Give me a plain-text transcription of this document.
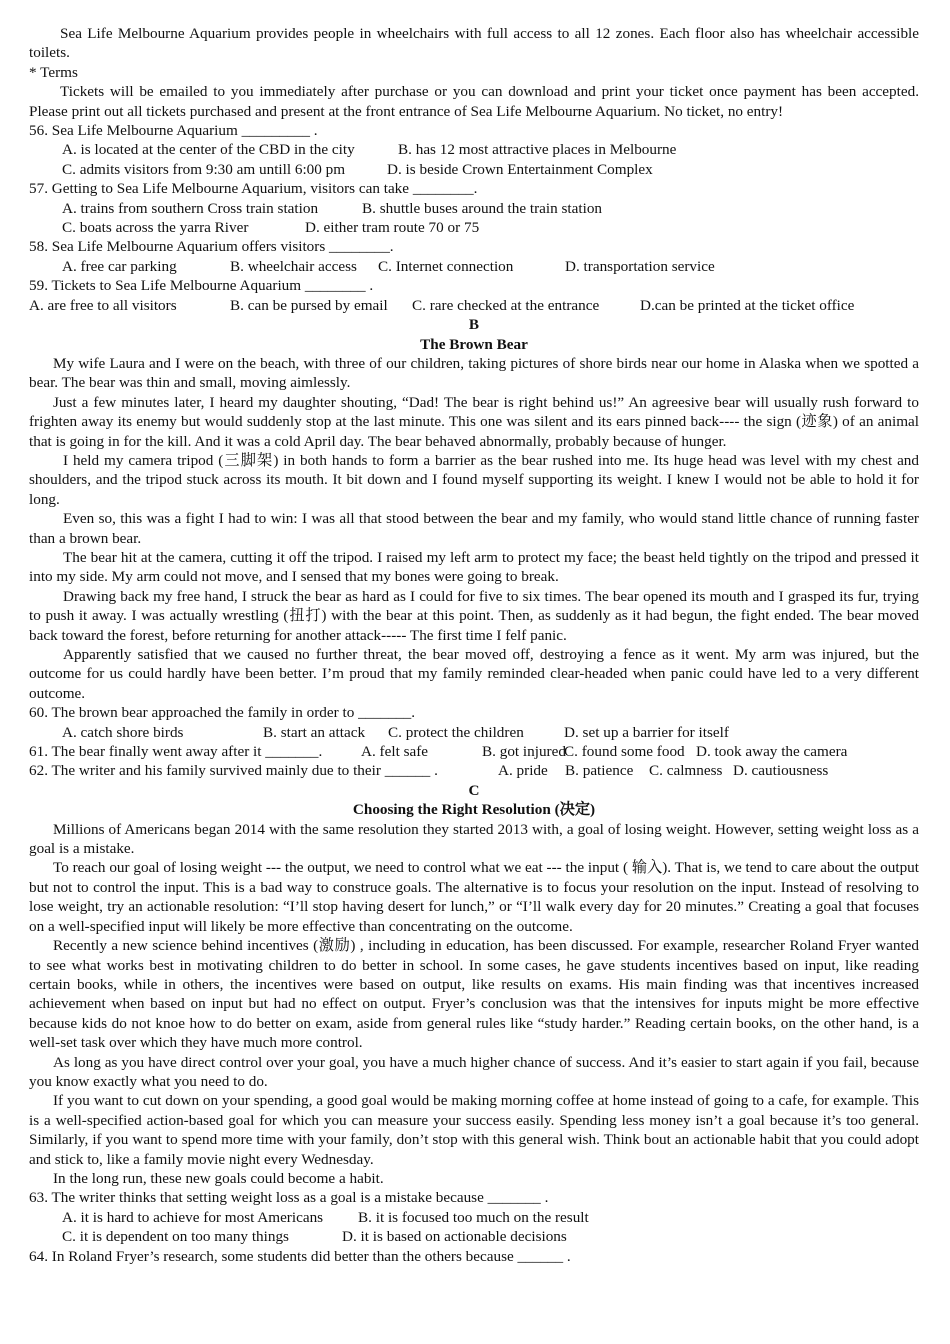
Sea Life Melbourne Aquarium provides people in wheelchairs with full access to all 12 zones. Each floor also has wheelchair accessible toilets.

* Terms

Tickets will be emailed to you immediately after purchase or you can download and print your ticket once payment has been accepted. Please print out all tickets purchased and present at the front entrance of Sea Life Melbourne Aquarium. No ticket, no entry!

56. Sea Life Melbourne Aquarium _________ .

A. is located at the center of the CBD in the city	B. has 12 most attractive places in Melbourne
C. admits visitors from 9:30 am untill 6:00 pm	D. is beside Crown Entertainment Complex

57. Getting to Sea Life Melbourne Aquarium, visitors can take ________.

A. trains from southern Cross train station	B. shuttle buses around the train station
C. boats across the yarra River	D. either tram route 70 or 75

58. Sea Life Melbourne Aquarium offers visitors ________.

A. free car parking	B. wheelchair access	C. Internet connection	D. transportation service

59. Tickets to Sea Life Melbourne Aquarium ________ .

A. are free to all visitors	B. can be pursed by email	C. rare checked at the entrance	D.can be printed at the ticket office

B

The Brown Bear

My wife Laura and I were on the beach, with three of our children, taking pictures of shore birds near our home in Alaska when we spotted a bear. The bear was thin and small, moving aimlessly.

Just a few minutes later, I heard my daughter shouting, “Dad! The bear is right behind us!” An agreesive bear will usually rush forward to frighten away its enemy but would suddenly stop at the last minute. This one was silent and its ears pinned back---- the sign (迹象) of an animal that is going in for the kill. And it was a cold April day. The bear behaved abnormally, probably because of hunger.

I held my camera tripod (三脚架) in both hands to form a barrier as the bear rushed into me. Its huge head was level with my chest and shoulders, and the tripod stuck across its mouth. It bit down and I found myself supporting its weight. I knew I would not be able to hold it for long.

Even so, this was a fight I had to win: I was all that stood between the bear and my family, who would stand little chance of running faster than a brown bear.

The bear hit at the camera, cutting it off the tripod. I raised my left arm to protect my face; the beast held tightly on the tripod and pressed it into my side. My arm could not move, and I sensed that my bones were going to break.

Drawing back my free hand, I struck the bear as hard as I could for five to six times. The bear opened its mouth and I grasped its fur, trying to push it away. I was actually wrestling (扭打) with the bear at this point. Then, as suddenly as it had begun, the fight ended. The bear moved back toward the forest, before returning for another attack----- The first time I felf panic.

Apparently satisfied that we caused no further threat, the bear moved off, destroying a fence as it went. My arm was injured, but the outcome for us could hardly have been better. I’m proud that my family reminded clear-headed when panic could have led to a very different outcome.

60. The brown bear approached the family in order to _______.

A. catch shore birds	B. start an attack	C. protect the children	D. set up a barrier for itself
61. The bear finally went away after it _______.	A. felt safe	B. got injured
C. found some food D. took away the camera
62. The writer and his family survived mainly due to their ______ .	A. pride	B. patience	C. calmness D. cautiousness

C

Choosing the Right Resolution (决定)

Millions of Americans began 2014 with the same resolution they started 2013 with, a goal of losing weight. However, setting weight loss as a goal is a mistake.

To reach our goal of losing weight --- the output, we need to control what we eat --- the input ( 输入). That is, we tend to care about the output but not to control the input. This is a bad way to construce goals. The alternative is to focus your resolution on the input. Instead of resolving to lose weight, try an actionable resolution: “I’ll stop having desert for lunch,” or “I’ll walk every day for 20 minutes.” Creating a goal that focuses on a well-specified input will likely be more effective than concentrating on the outcome.

Recently a new science behind incentives (激励) , including in education, has been discussed. For example, researcher Roland Fryer wanted to see what works best in motivating children to do better in school. In some cases, he gave students incentives based on input, like reading certain books, while in others, the incentives were based on output, like results on exams. His main finding was that incentives increased achievement when based on input but had no effect on output. Fryer’s conclusion was that the intensives for inputs might be more effective because kids do not knoe how to do better on exam, aside from general rules like “study harder.” Reading certain books, on the other hand, is a well-set task over which they have much more control.

As long as you have direct control over your goal, you have a much higher chance of success. And it’s easier to start again if you fail, because you know exactly what you need to do.

If you want to cut down on your spending, a good goal would be making morning coffee at home instead of going to a cafe, for example. This is a well-specified action-based goal for which you can measure your success easily. Spending less money isn’t a goal because it’s too general. Similarly, if you want to spend more time with your family, don’t stop with this general wish. Think bout an actionable habit that you could adopt and stick to, like a family movie night every Wednesday.

In the long run, these new goals could become a habit.

63. The writer thinks that setting weight loss as a goal is a mistake because _______ .

A. it is hard to achieve for most Americans	B. it is focused too much on the result
C. it is dependent on too many things	D. it is based on actionable decisions

64. In Roland Fryer’s research, some students did better than the others because ______ .
